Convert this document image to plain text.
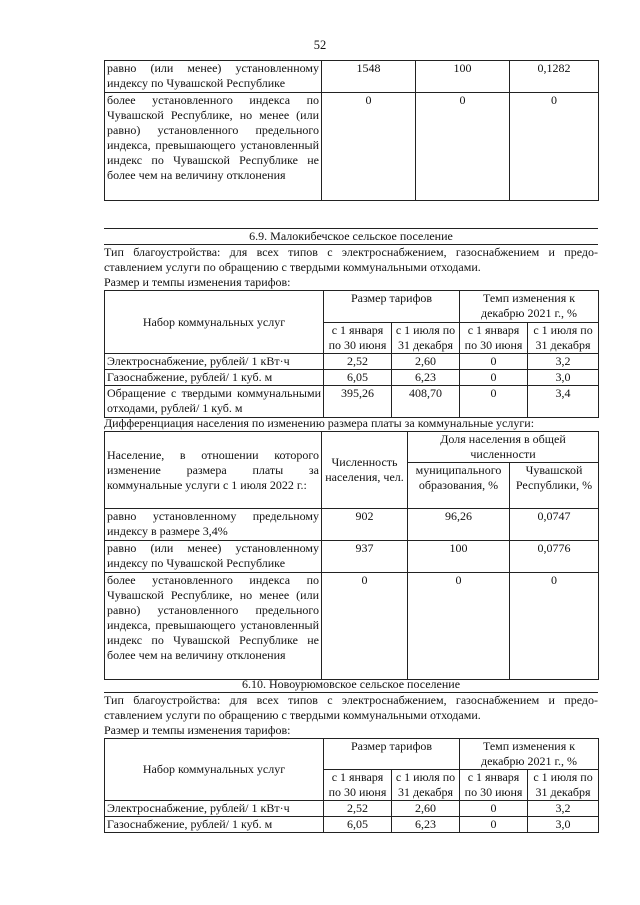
52
равно (или менее) установленному индексу по Чувашской Республике	1548	100	0,1282
более установленного индекса по Чувашской Республике, но менее (или равно) установленного предельного индекса, превышающего установленный индекс по Чувашской Республике не более чем на величину отклонения	0	0	0
6.9. Малокибечское сельское поселение
Тип благоустройства: для всех типов с электроснабжением, газоснабжением и предо-
ставлением услуги по обращению с твердыми коммунальными отходами.
Размер и темпы изменения тарифов:
Набор коммунальных услуг	Размер тарифов		Темп изменения к декабрю 2021 г., %	
	с 1 января по 30 июня	с 1 июля по 31 декабря	с 1 января по 30 июня	с 1 июля по 31 декабря
Электроснабжение, рублей/ 1 кВт·ч	2,52	2,60	0	3,2
Газоснабжение, рублей/ 1 куб. м	6,05	6,23	0	3,0
Обращение с твердыми коммунальными отходами, рублей/ 1 куб. м	395,26	408,70	0	3,4
Дифференциация населения по изменению размера платы за коммунальные услуги:
Население, в отношении которого изменение размера платы за коммунальные услуги с 1 июля 2022 г.:	Численность населения, чел.	Доля населения в общей численности	
		муниципального образования, %	Чувашской Республики, %
равно установленному предельному индексу в размере 3,4%	902	96,26	0,0747
равно (или менее) установленному индексу по Чувашской Республике	937	100	0,0776
более установленного индекса по Чувашской Республике, но менее (или равно) установленного предельного индекса, превышающего установленный индекс по Чувашской Республике не более чем на величину отклонения	0	0	0
6.10. Новоурюмовское сельское поселение
Тип благоустройства: для всех типов с электроснабжением, газоснабжением и предо-
ставлением услуги по обращению с твердыми коммунальными отходами.
Размер и темпы изменения тарифов:
Набор коммунальных услуг	Размер тарифов		Темп изменения к декабрю 2021 г., %	
	с 1 января по 30 июня	с 1 июля по 31 декабря	с 1 января по 30 июня	с 1 июля по 31 декабря
Электроснабжение, рублей/ 1 кВт·ч	2,52	2,60	0	3,2
Газоснабжение, рублей/ 1 куб. м	6,05	6,23	0	3,0
